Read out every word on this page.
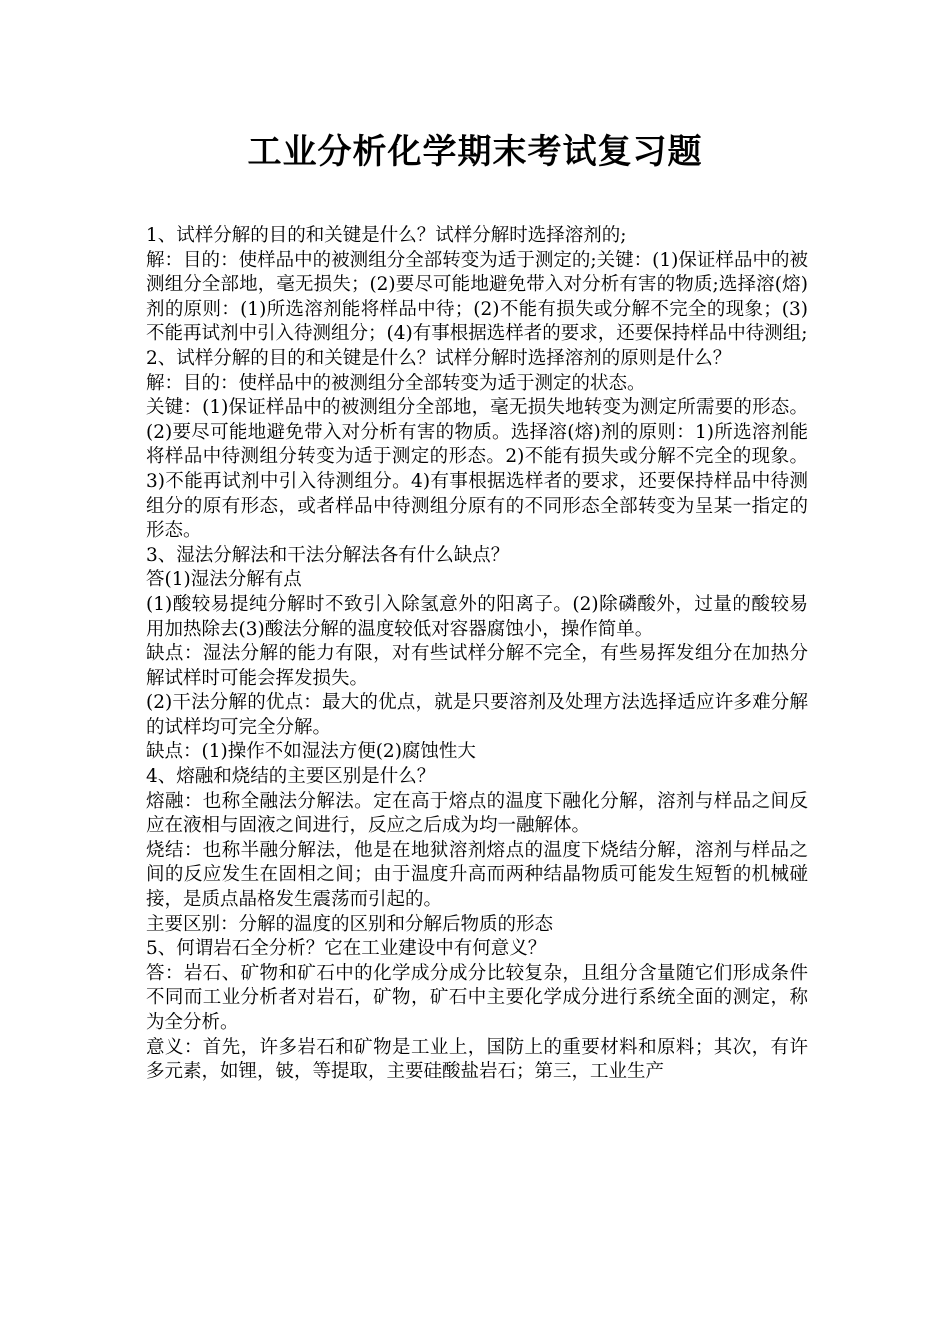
工业分析化学期末考试复习题

1、试样分解的目的和关键是什么？试样分解时选择溶剂的;

解：目的：使样品中的被测组分全部转变为适于测定的;关键：(1)保证样品中的被测组分全部地，毫无损失；(2)要尽可能地避免带入对分析有害的物质;选择溶(熔)剂的原则：(1)所选溶剂能将样品中待；(2)不能有损失或分解不完全的现象；(3)不能再试剂中引入待测组分；(4)有事根据选样者的要求，还要保持样品中待测组;

2、试样分解的目的和关键是什么？试样分解时选择溶剂的原则是什么？

解：目的：使样品中的被测组分全部转变为适于测定的状态。

关键：(1)保证样品中的被测组分全部地，毫无损失地转变为测定所需要的形态。(2)要尽可能地避免带入对分析有害的物质。选择溶(熔)剂的原则：1)所选溶剂能将样品中待测组分转变为适于测定的形态。2)不能有损失或分解不完全的现象。3)不能再试剂中引入待测组分。4)有事根据选样者的要求，还要保持样品中待测组分的原有形态，或者样品中待测组分原有的不同形态全部转变为呈某一指定的形态。

3、湿法分解法和干法分解法各有什么缺点？

答(1)湿法分解有点

(1)酸较易提纯分解时不致引入除氢意外的阳离子。(2)除磷酸外，过量的酸较易用加热除去(3)酸法分解的温度较低对容器腐蚀小，操作简单。

缺点：湿法分解的能力有限，对有些试样分解不完全，有些易挥发组分在加热分解试样时可能会挥发损失。

(2)干法分解的优点：最大的优点，就是只要溶剂及处理方法选择适应许多难分解的试样均可完全分解。

缺点：(1)操作不如湿法方便(2)腐蚀性大

4、熔融和烧结的主要区别是什么？

熔融：也称全融法分解法。定在高于熔点的温度下融化分解，溶剂与样品之间反应在液相与固液之间进行，反应之后成为均一融解体。

烧结：也称半融分解法，他是在地狱溶剂熔点的温度下烧结分解，溶剂与样品之间的反应发生在固相之间；由于温度升高而两种结晶物质可能发生短暂的机械碰接，是质点晶格发生震荡而引起的。

主要区别：分解的温度的区别和分解后物质的形态

5、何谓岩石全分析？它在工业建设中有何意义？

答：岩石、矿物和矿石中的化学成分成分比较复杂，且组分含量随它们形成条件不同而工业分析者对岩石，矿物，矿石中主要化学成分进行系统全面的测定，称为全分析。

意义：首先，许多岩石和矿物是工业上，国防上的重要材料和原料；其次，有许多元素，如锂，铍，等提取，主要硅酸盐岩石；第三，工业生产
